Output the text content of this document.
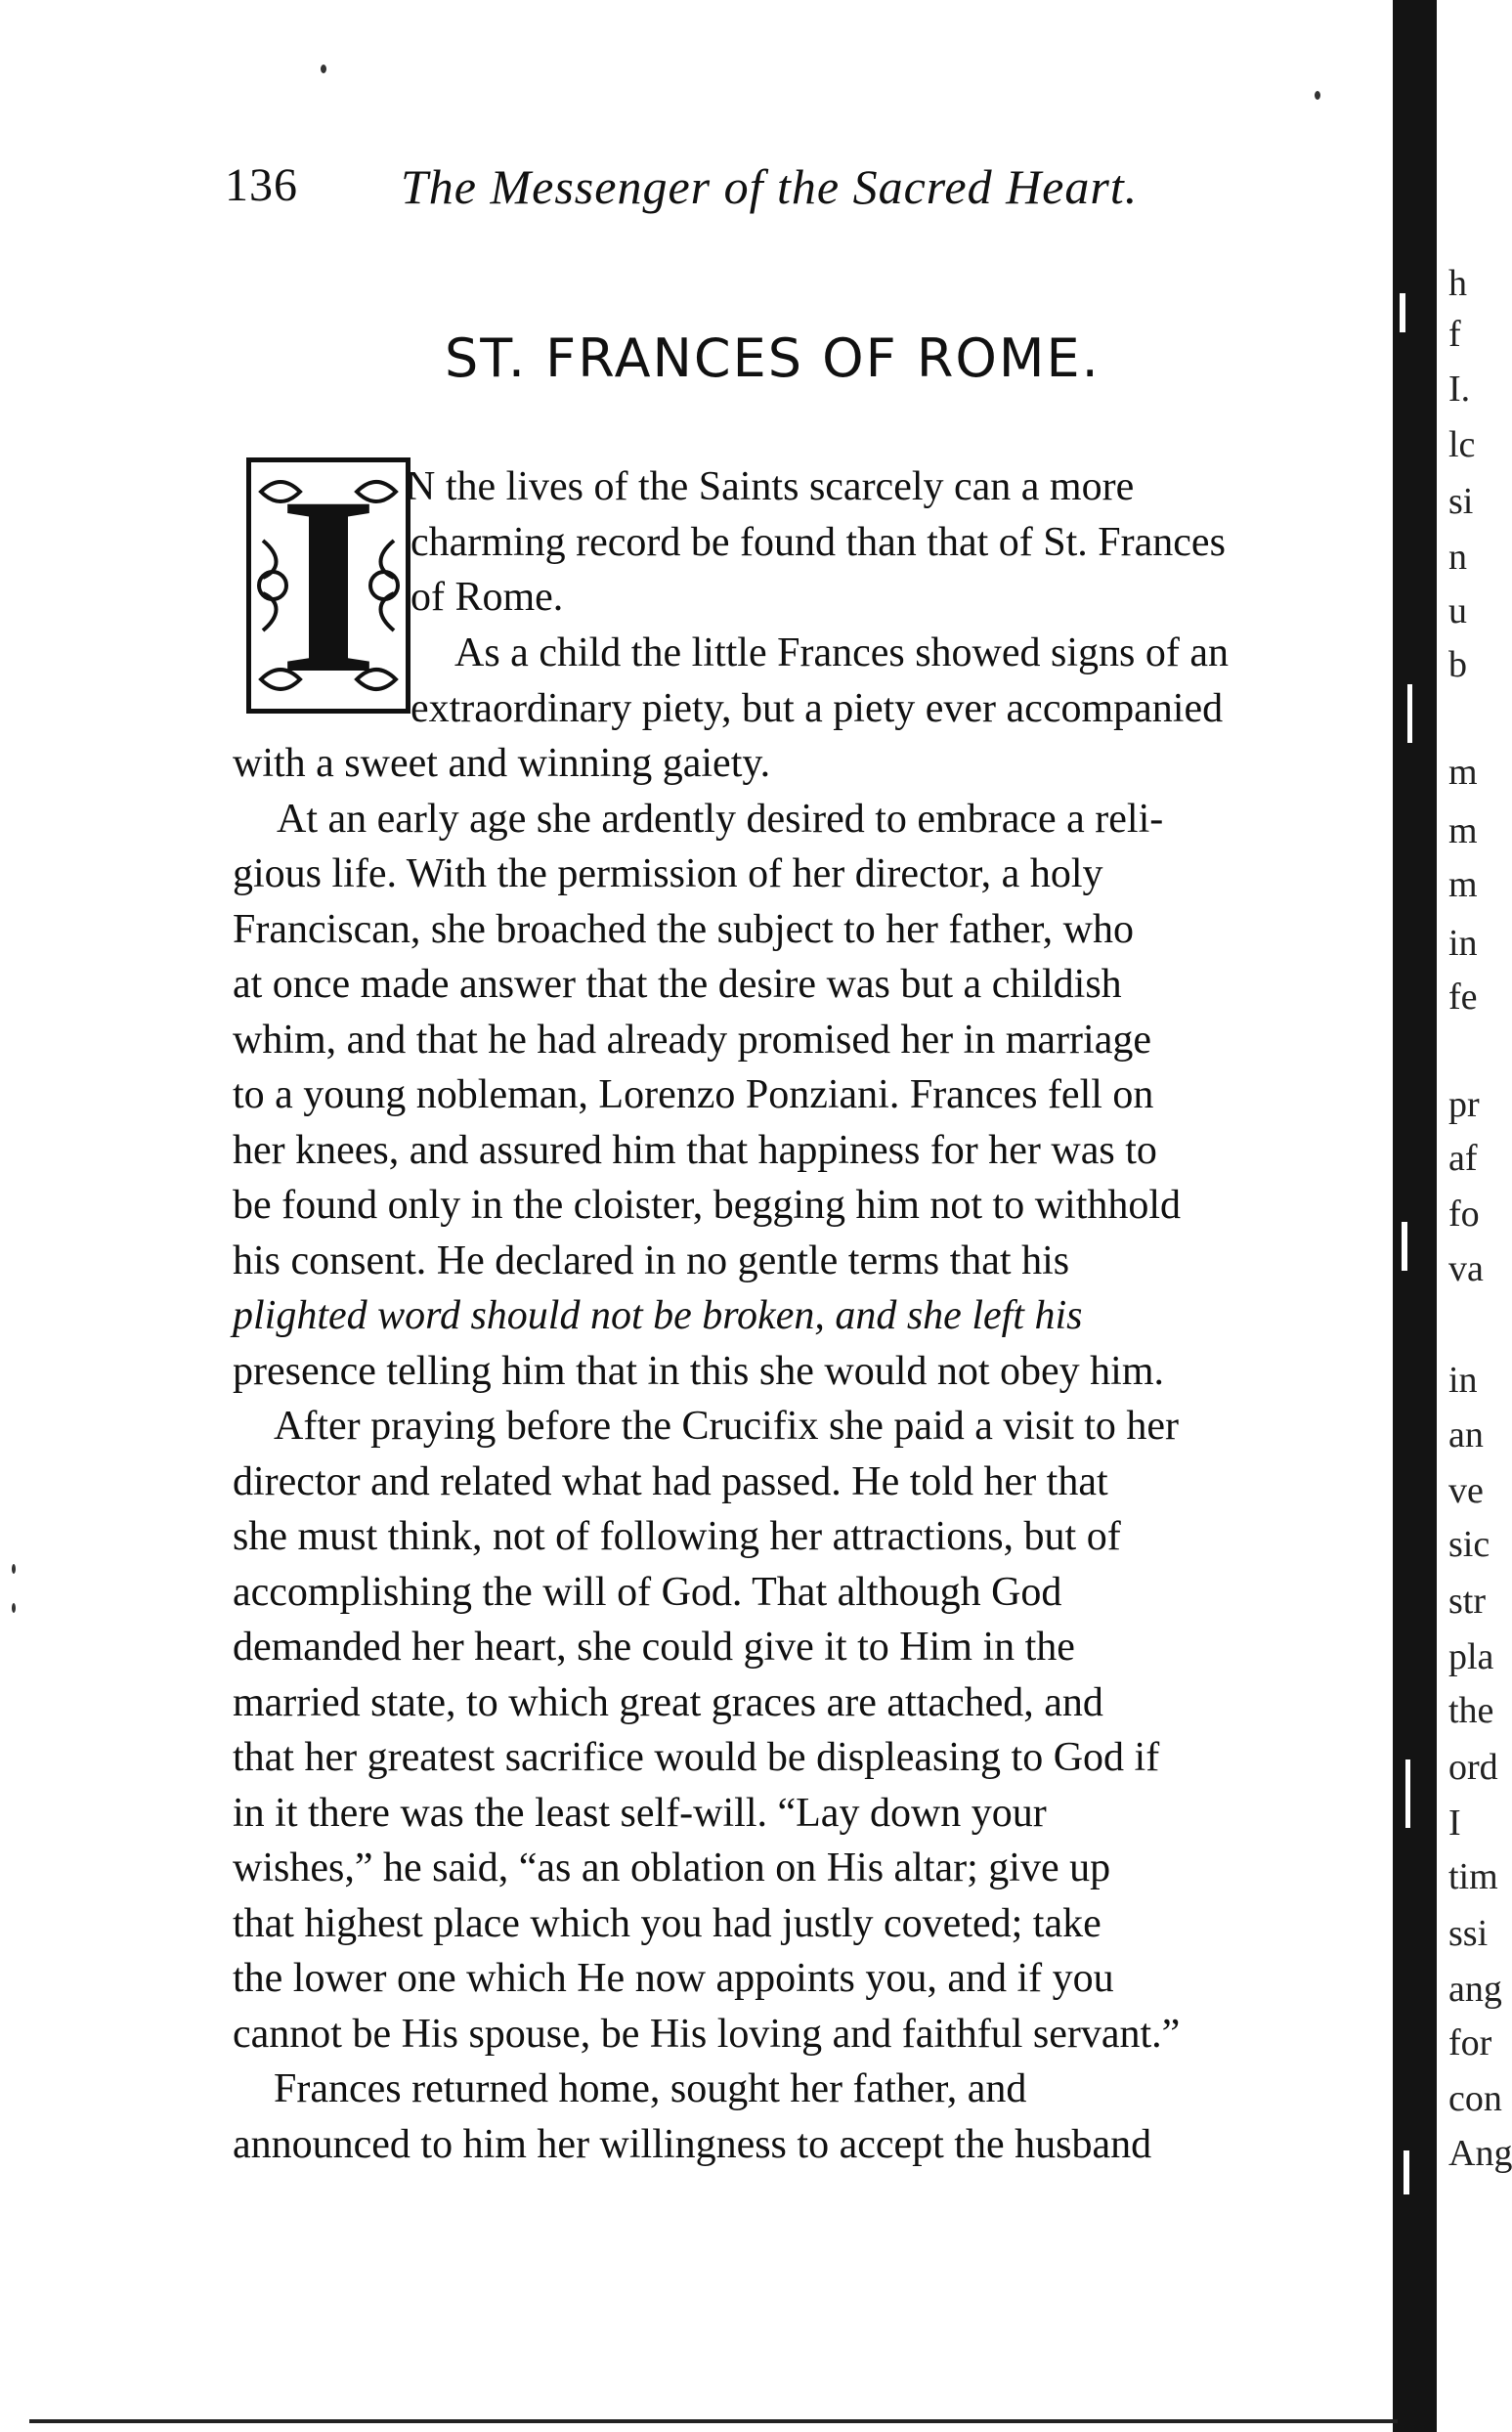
136 The Messenger of the Sacred Heart.
ST. FRANCES OF ROME.
I N the lives of the Saints scarcely can a more
charming record be found than that of St. Frances
of Rome.
As a child the little Frances showed signs of an
extraordinary piety, but a piety ever accompanied
with a sweet and winning gaiety.
At an early age she ardently desired to embrace a reli-
gious life. With the permission of her director, a holy
Franciscan, she broached the subject to her father, who
at once made answer that the desire was but a childish
whim, and that he had already promised her in marriage
to a young nobleman, Lorenzo Ponziani. Frances fell on
her knees, and assured him that happiness for her was to
be found only in the cloister, begging him not to withhold
his consent. He declared in no gentle terms that his
plighted word should not be broken, and she left his
presence telling him that in this she would not obey him.
After praying before the Crucifix she paid a visit to her
director and related what had passed. He told her that
she must think, not of following her attractions, but of
accomplishing the will of God. That although God
demanded her heart, she could give it to Him in the
married state, to which great graces are attached, and
that her greatest sacrifice would be displeasing to God if
in it there was the least self-will. “Lay down your
wishes,” he said, “as an oblation on His altar; give up
that highest place which you had justly coveted; take
the lower one which He now appoints you, and if you
cannot be His spouse, be His loving and faithful servant.”
Frances returned home, sought her father, and
announced to him her willingness to accept the husband
h
f
I.
lc
si
n
u
b
m
m
m
in
fe
pr
af
fo
va
in
an
ve
sic
str
pla
the
ord
I
tim
ssi
ang
for
con
Ang
